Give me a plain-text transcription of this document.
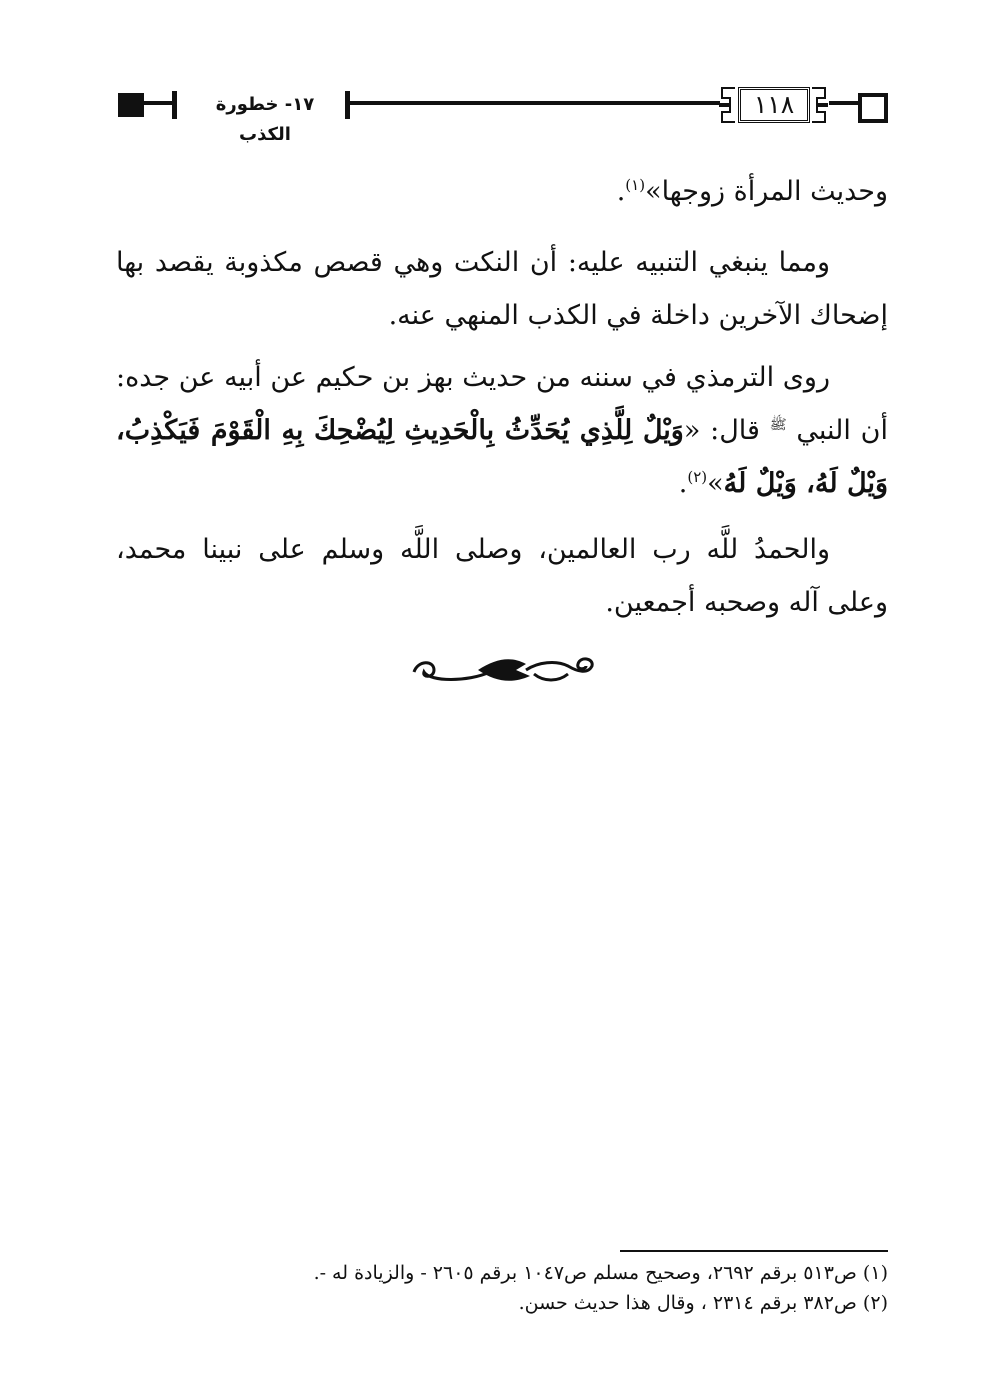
١٧- خطورة الكذب
١١٨

وحديث المرأة زوجها»$^{(١)}$.

ومما ينبغي التنبيه عليه: أن النكت وهي قصص مكذوبة يقصد بها إضحاك الآخرين داخلة في الكذب المنهي عنه.

روى الترمذي في سننه من حديث بهز بن حكيم عن أبيه عن جده: أن النبي $^ﷺ$ قال: «وَيْلٌ لِلَّذِي يُحَدِّثُ بِالْحَدِيثِ لِيُضْحِكَ بِهِ الْقَوْمَ فَيَكْذِبُ، وَيْلٌ لَهُ، وَيْلٌ لَهُ»$^{(٢)}$.

والحمدُ للَّه رب العالمين، وصلى اللَّه وسلم على نبينا محمد، وعلى آله وصحبه أجمعين.

(١) ص٥١٣ برقم ٢٦٩٢، وصحيح مسلم ص١٠٤٧ برقم ٢٦٠٥ - والزيادة له -.

(٢) ص٣٨٢ برقم ٢٣١٤ ، وقال هذا حديث حسن.
